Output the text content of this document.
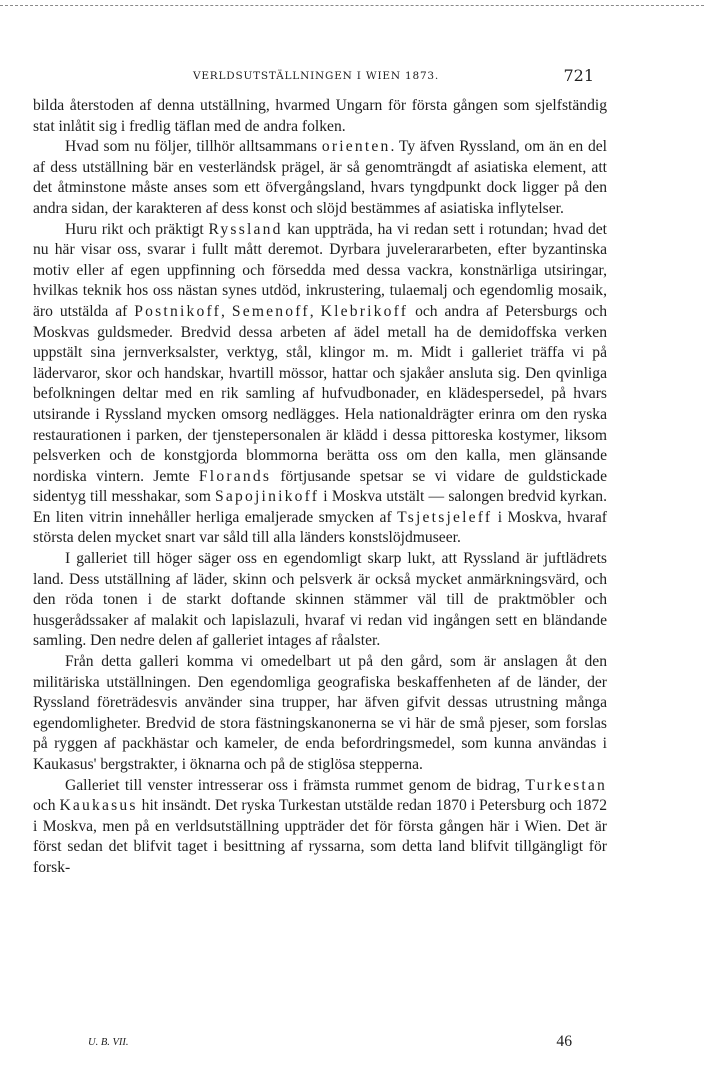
VERLDSUTSTÄLLNINGEN I WIEN 1873.	721

bilda återstoden af denna utställning, hvarmed Ungarn för första gången som sjelfständig stat inlåtit sig i fredlig täflan med de andra folken.

Hvad som nu följer, tillhör alltsammans orienten. Ty äfven Ryssland, om än en del af dess utställning bär en vesterländsk prägel, är så genomträngdt af asiatiska element, att det åtminstone måste anses som ett öfvergångsland, hvars tyngdpunkt dock ligger på den andra sidan, der karakteren af dess konst och slöjd bestämmes af asiatiska inflytelser.

Huru rikt och präktigt Ryssland kan uppträda, ha vi redan sett i rotundan; hvad det nu här visar oss, svarar i fullt mått deremot. Dyrbara juvelerararbeten, efter byzantinska motiv eller af egen uppfinning och försedda med dessa vackra, konstnärliga utsiringar, hvilkas teknik hos oss nästan synes utdöd, inkrustering, tulaemalj och egendomlig mosaik, äro utstälda af Postnikoff, Semenoff, Klebrikoff och andra af Petersburgs och Moskvas guldsmeder. Bredvid dessa arbeten af ädel metall ha de demidoffska verken uppstält sina jernverksalster, verktyg, stål, klingor m. m. Midt i galleriet träffa vi på lädervaror, skor och handskar, hvartill mössor, hattar och sjakåer ansluta sig. Den qvinliga befolkningen deltar med en rik samling af hufvudbonader, en klädespersedel, på hvars utsirande i Ryssland mycken omsorg nedlägges. Hela nationaldrägter erinra om den ryska restaurationen i parken, der tjenstepersonalen är klädd i dessa pittoreska kostymer, liksom pelsverken och de konstgjorda blommorna berätta oss om den kalla, men glänsande nordiska vintern. Jemte Florands förtjusande spetsar se vi vidare de guldstickade sidentyg till messhakar, som Sapojinikoff i Moskva utstält — salongen bredvid kyrkan. En liten vitrin innehåller herliga emaljerade smycken af Tsjetsjeleff i Moskva, hvaraf största delen mycket snart var såld till alla länders konstslöjdmuseer.

I galleriet till höger säger oss en egendomligt skarp lukt, att Ryssland är juftlädrets land. Dess utställning af läder, skinn och pelsverk är också mycket anmärkningsvärd, och den röda tonen i de starkt doftande skinnen stämmer väl till de praktmöbler och husgerådssaker af malakit och lapislazuli, hvaraf vi redan vid ingången sett en bländande samling. Den nedre delen af galleriet intages af råalster.

Från detta galleri komma vi omedelbart ut på den gård, som är anslagen åt den militäriska utställningen. Den egendomliga geografiska beskaffenheten af de länder, der Ryssland företrädesvis använder sina trupper, har äfven gifvit dessas utrustning många egendomligheter. Bredvid de stora fästningskanonerna se vi här de små pjeser, som forslas på ryggen af packhästar och kameler, de enda befordringsmedel, som kunna användas i Kaukasus' bergstrakter, i öknarna och på de stiglösa stepperna.

Galleriet till venster intresserar oss i främsta rummet genom de bidrag, Turkestan och Kaukasus hit insändt. Det ryska Turkestan utstälde redan 1870 i Petersburg och 1872 i Moskva, men på en verldsutställning uppträder det för första gången här i Wien. Det är först sedan det blifvit taget i besittning af ryssarna, som detta land blifvit tillgängligt för forsk-

U. B. VII.	46
